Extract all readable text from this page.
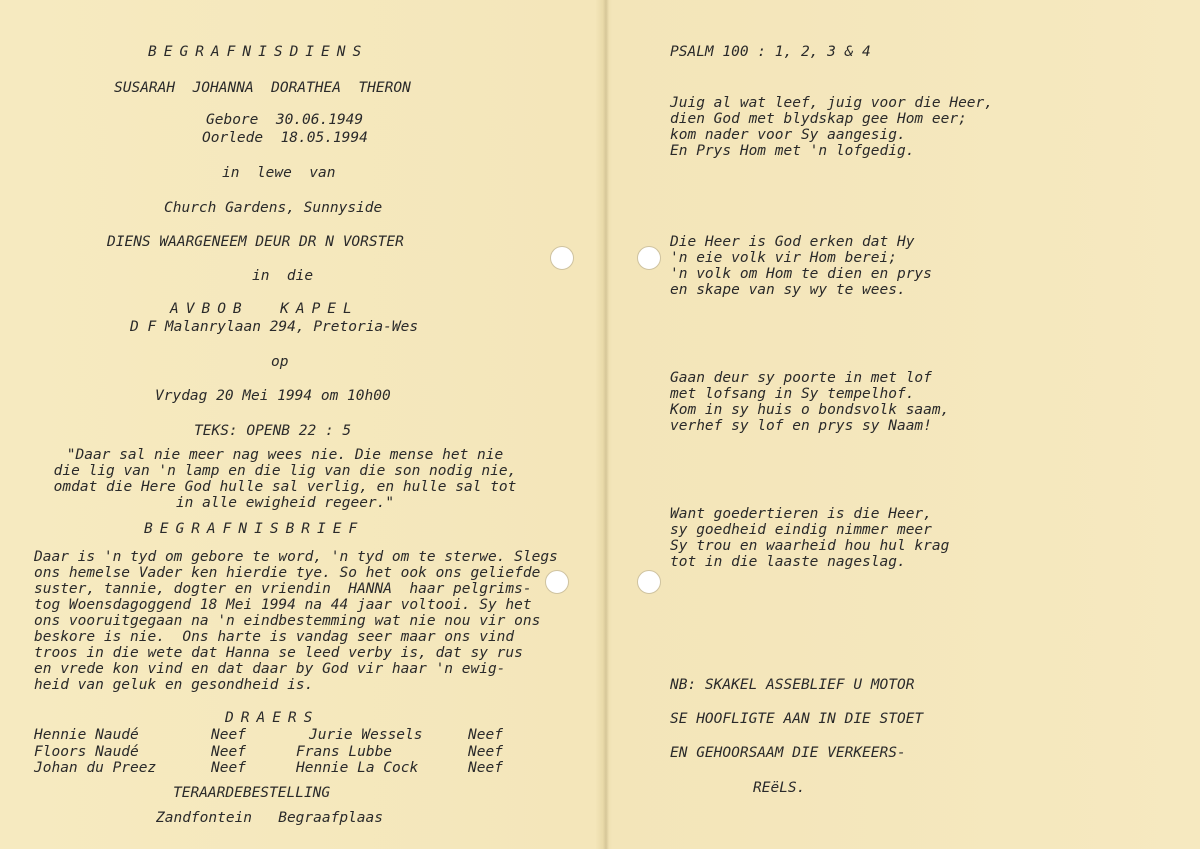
BEGRAFNISDIENS
SUSARAH  JOHANNA  DORATHEA  THERON
Gebore  30.06.1949
Oorlede  18.05.1994
in  lewe  van
Church Gardens, Sunnyside
DIENS WAARGENEEM DEUR DR N VORSTER
in  die
AVBOB  KAPEL
D F Malanrylaan 294, Pretoria-Wes
op
Vrydag 20 Mei 1994 om 10h00
TEKS: OPENB 22 : 5
"Daar sal nie meer nag wees nie. Die mense het nie
die lig van 'n lamp en die lig van die son nodig nie,
omdat die Here God hulle sal verlig, en hulle sal tot
in alle ewigheid regeer."
BEGRAFNISBRIEF
Daar is 'n tyd om gebore te word, 'n tyd om te sterwe. Slegs
ons hemelse Vader ken hierdie tye. So het ook ons geliefde
suster, tannie, dogter en vriendin  HANNA  haar pelgrims-
tog Woensdagoggend 18 Mei 1994 na 44 jaar voltooi. Sy het
ons vooruitgegaan na 'n eindbestemming wat nie nou vir ons
beskore is nie.  Ons harte is vandag seer maar ons vind
troos in die wete dat Hanna se leed verby is, dat sy rus
en vrede kon vind en dat daar by God vir haar 'n ewig-
heid van geluk en gesondheid is.
DRAERS
Hennie Naudé	Neef	Jurie Wessels	Neef
Floors Naudé	Neef	Frans Lubbe	Neef
Johan du Preez	Neef	Hennie La Cock	Neef
TERAARDEBESTELLING
Zandfontein   Begraafplaas
PSALM 100 : 1, 2, 3 & 4
Juig al wat leef, juig voor die Heer,
dien God met blydskap gee Hom eer;
kom nader voor Sy aangesig.
En Prys Hom met 'n lofgedig.
Die Heer is God erken dat Hy
'n eie volk vir Hom berei;
'n volk om Hom te dien en prys
en skape van sy wy te wees.
Gaan deur sy poorte in met lof
met lofsang in Sy tempelhof.
Kom in sy huis o bondsvolk saam,
verhef sy lof en prys sy Naam!
Want goedertieren is die Heer,
sy goedheid eindig nimmer meer
Sy trou en waarheid hou hul krag
tot in die laaste nageslag.
NB: SKAKEL ASSEBLIEF U MOTOR
SE HOOFLIGTE AAN IN DIE STOET
EN GEHOORSAAM DIE VERKEERS-
REëLS.
